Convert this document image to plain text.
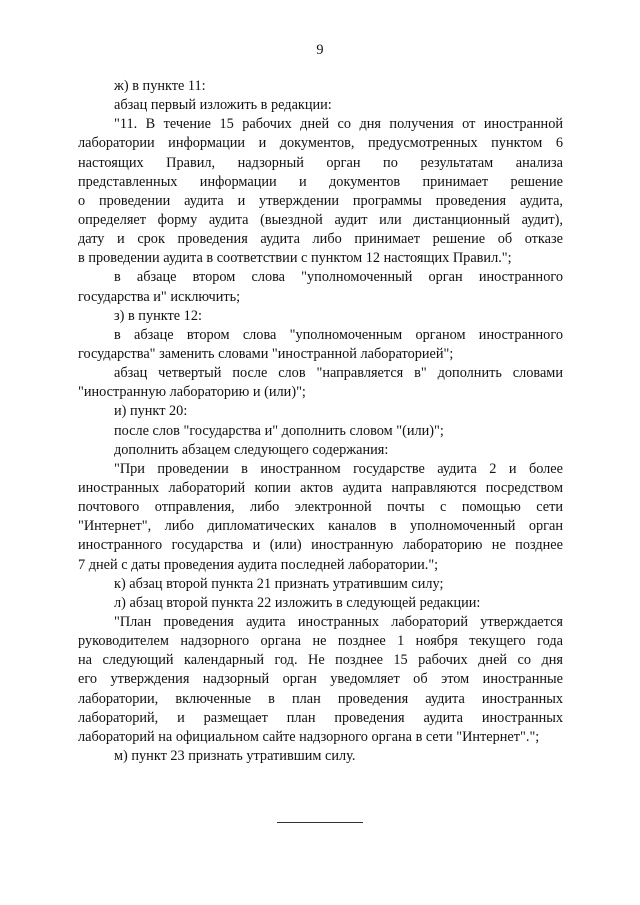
9

ж) в пункте 11:

абзац первый изложить в редакции:

"11. В течение 15 рабочих дней со дня получения от иностранной

лаборатории информации и документов, предусмотренных пунктом 6

настоящих Правил, надзорный орган по результатам анализа

представленных информации и документов принимает решение

о проведении аудита и утверждении программы проведения аудита,

определяет форму аудита (выездной аудит или дистанционный аудит),

дату и срок проведения аудита либо принимает решение об отказе

в проведении аудита в соответствии с пунктом 12 настоящих Правил.";

в абзаце втором слова "уполномоченный орган иностранного

государства и" исключить;

з) в пункте 12:

в абзаце втором слова "уполномоченным органом иностранного

государства" заменить словами "иностранной лабораторией";

абзац четвертый после слов "направляется в" дополнить словами

"иностранную лабораторию и (или)";

и) пункт 20:

после слов "государства и" дополнить словом "(или)";

дополнить абзацем следующего содержания:

"При проведении в иностранном государстве аудита 2 и более

иностранных лабораторий копии актов аудита направляются посредством

почтового отправления, либо электронной почты с помощью сети

"Интернет", либо дипломатических каналов в уполномоченный орган

иностранного государства и (или) иностранную лабораторию не позднее

7 дней с даты проведения аудита последней лаборатории.";

к) абзац второй пункта 21 признать утратившим силу;

л) абзац второй пункта 22 изложить в следующей редакции:

"План проведения аудита иностранных лабораторий утверждается

руководителем надзорного органа не позднее 1 ноября текущего года

на следующий календарный год. Не позднее 15 рабочих дней со дня

его утверждения надзорный орган уведомляет об этом иностранные

лаборатории, включенные в план проведения аудита иностранных

лабораторий, и размещает план проведения аудита иностранных

лабораторий на официальном сайте надзорного органа в сети "Интернет".";

м) пункт 23 признать утратившим силу.
